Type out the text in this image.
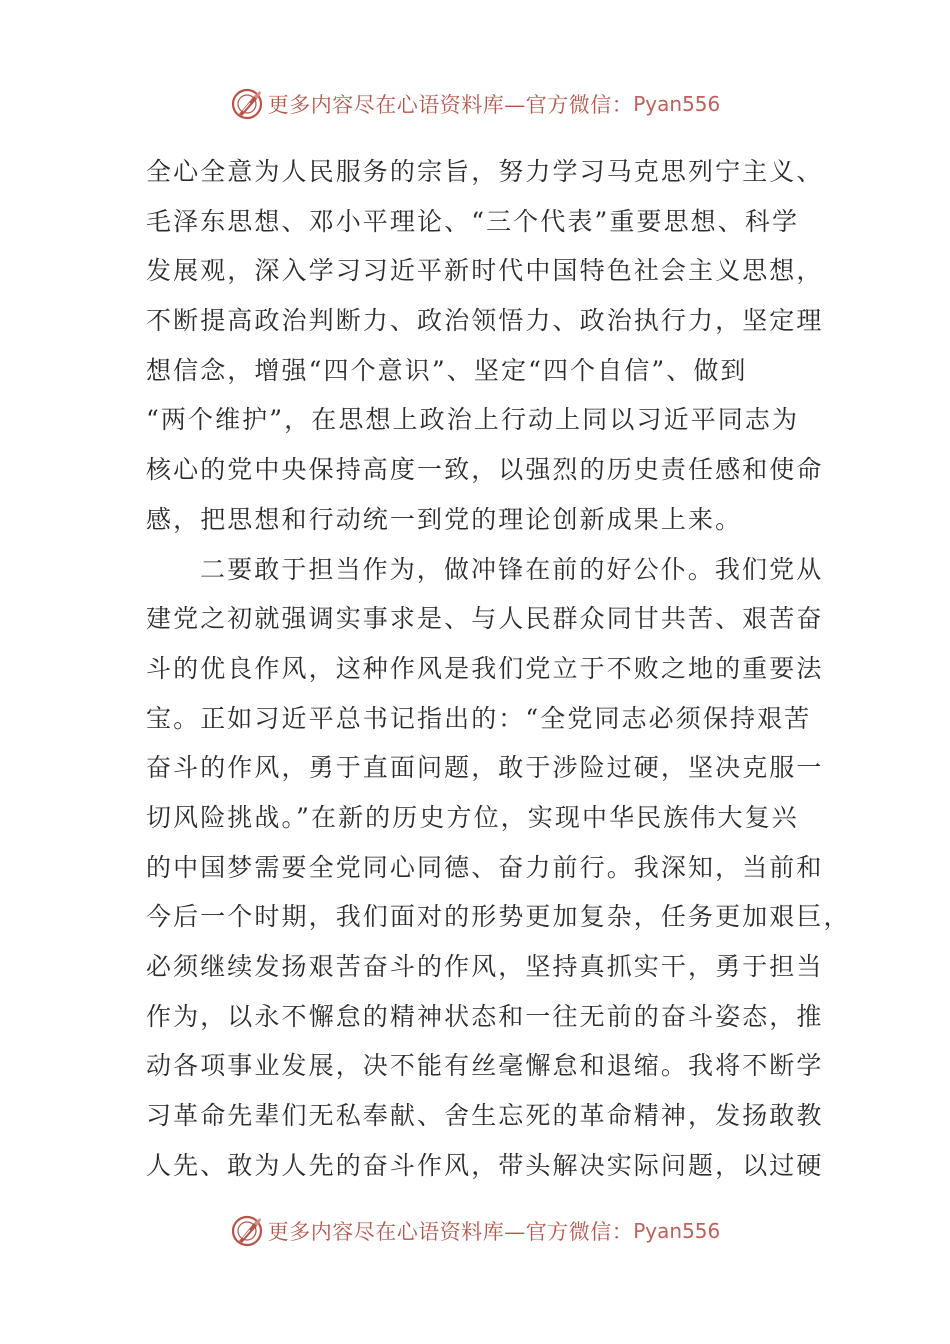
更多内容尽在心语资料库—官方微信： Pyan556
全心全意为人民服务的宗旨，努力学习马克思列宁主义、
毛泽东思想、邓小平理论、“三个代表”重要思想、科学
发展观，深入学习习近平新时代中国特色社会主义思想，
不断提高政治判断力、政治领悟力、政治执行力，坚定理
想信念，增强“四个意识”、坚定“四个自信”、做到
“两个维护”，在思想上政治上行动上同以习近平同志为
核心的党中央保持高度一致，以强烈的历史责任感和使命
感，把思想和行动统一到党的理论创新成果上来。
二要敢于担当作为，做冲锋在前的好公仆。我们党从
建党之初就强调实事求是、与人民群众同甘共苦、艰苦奋
斗的优良作风，这种作风是我们党立于不败之地的重要法
宝。正如习近平总书记指出的：“全党同志必须保持艰苦
奋斗的作风，勇于直面问题，敢于涉险过硬，坚决克服一
切风险挑战。”在新的历史方位，实现中华民族伟大复兴
的中国梦需要全党同心同德、奋力前行。我深知，当前和
今后一个时期，我们面对的形势更加复杂，任务更加艰巨，
必须继续发扬艰苦奋斗的作风，坚持真抓实干，勇于担当
作为，以永不懈怠的精神状态和一往无前的奋斗姿态，推
动各项事业发展，决不能有丝毫懈怠和退缩。我将不断学
习革命先辈们无私奉献、舍生忘死的革命精神，发扬敢教
人先、敢为人先的奋斗作风，带头解决实际问题，以过硬
更多内容尽在心语资料库—官方微信： Pyan556
